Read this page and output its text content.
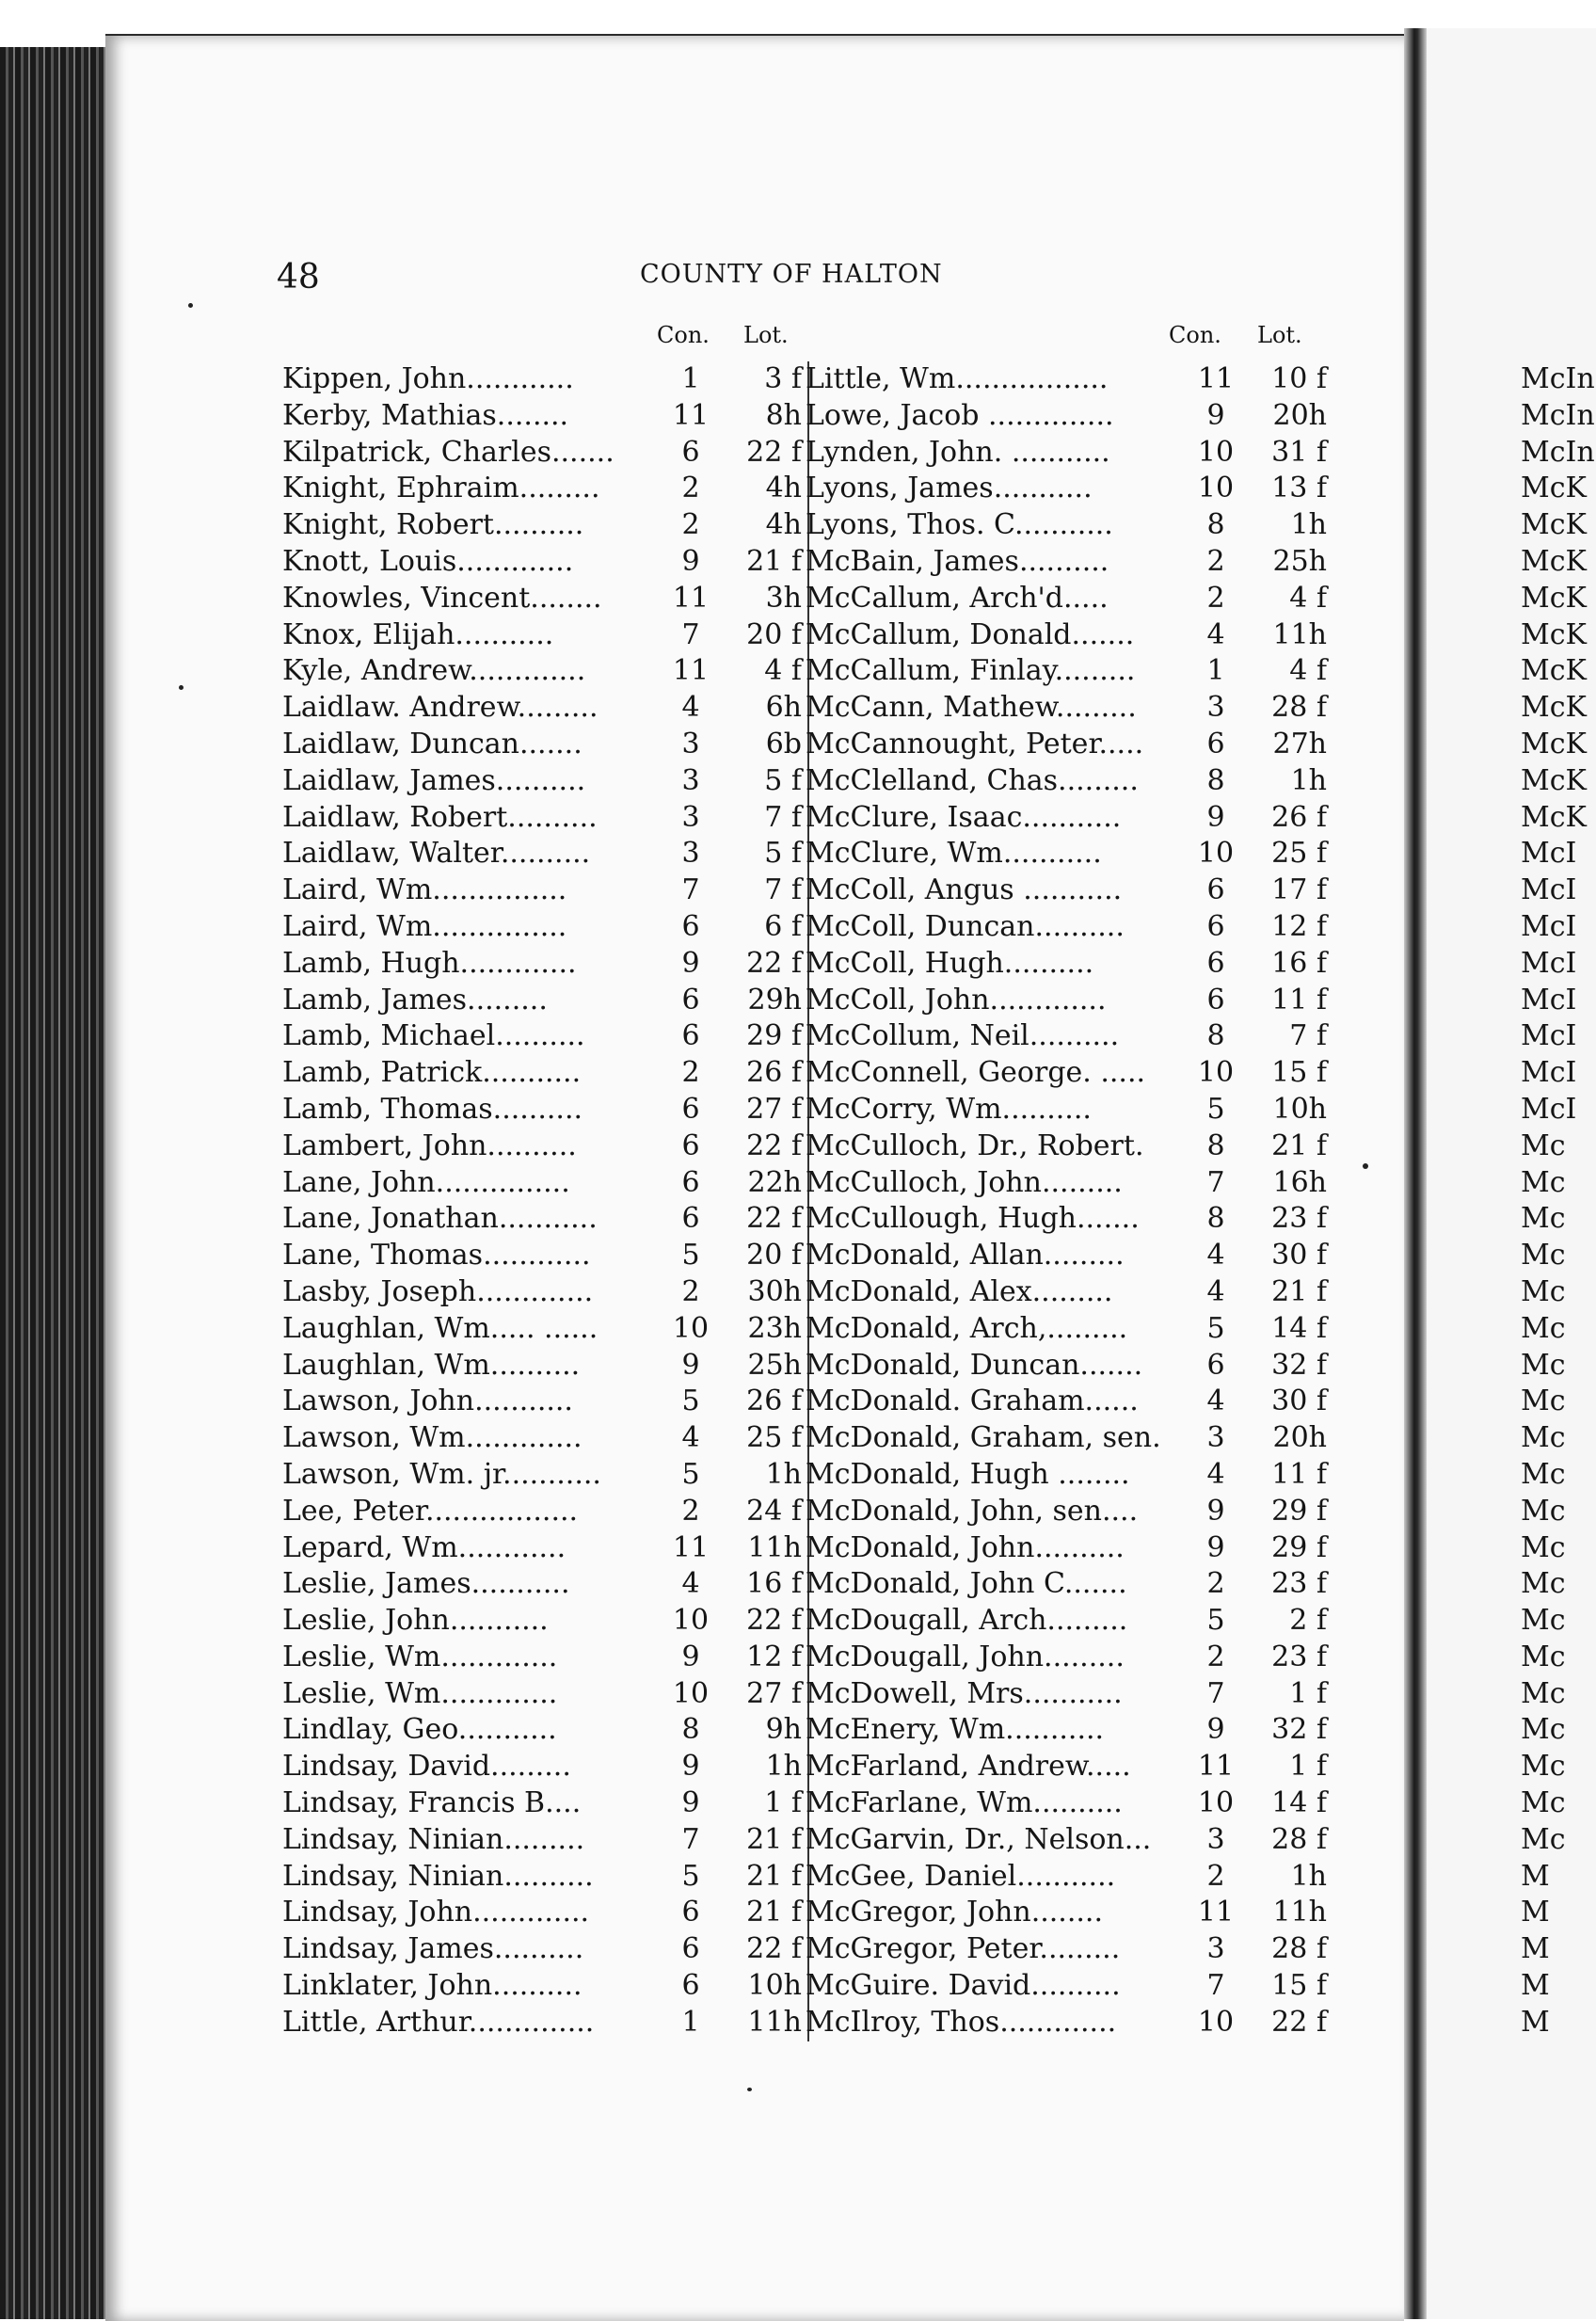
48	COUNTY OF HALTON
Con. Lot.	Con. Lot.
Kippen, John............	1	3 f
Kerby, Mathias........	11	8h
Kilpatrick, Charles.......	6	22 f
Knight, Ephraim.........	2	4h
Knight, Robert..........	2	4h
Knott, Louis.............	9	21 f
Knowles, Vincent........	11	3h
Knox, Elijah...........	7	20 f
Kyle, Andrew.............	11	4 f
Laidlaw. Andrew.........	4	6h
Laidlaw, Duncan.......	3	6b
Laidlaw, James..........	3	5 f
Laidlaw, Robert..........	3	7 f
Laidlaw, Walter..........	3	5 f
Laird, Wm...............	7	7 f
Laird, Wm...............	6	6 f
Lamb, Hugh.............	9	22 f
Lamb, James.........	6	29h
Lamb, Michael..........	6	29 f
Lamb, Patrick...........	2	26 f
Lamb, Thomas..........	6	27 f
Lambert, John..........	6	22 f
Lane, John...............	6	22h
Lane, Jonathan...........	6	22 f
Lane, Thomas............	5	20 f
Lasby, Joseph.............	2	30h
Laughlan, Wm..... ......	10	23h
Laughlan, Wm..........	9	25h
Lawson, John...........	5	26 f
Lawson, Wm.............	4	25 f
Lawson, Wm. jr...........	5	1h
Lee, Peter.................	2	24 f
Lepard, Wm............	11	11h
Leslie, James...........	4	16 f
Leslie, John...........	10	22 f
Leslie, Wm.............	9	12 f
Leslie, Wm.............	10	27 f
Lindlay, Geo...........	8	9h
Lindsay, David.........	9	1h
Lindsay, Francis B....	9	1 f
Lindsay, Ninian.........	7	21 f
Lindsay, Ninian..........	5	21 f
Lindsay, John.............	6	21 f
Lindsay, James..........	6	22 f
Linklater, John..........	6	10h
Little, Arthur..............	1	11h
Little, Wm.................	11	10 f
Lowe, Jacob ..............	9	20h
Lynden, John. ...........	10	31 f
Lyons, James...........	10	13 f
Lyons, Thos. C...........	8	1h
McBain, James..........	2	25h
McCallum, Arch'd.....	2	4 f
McCallum, Donald.......	4	11h
McCallum, Finlay.........	1	4 f
McCann, Mathew.........	3	28 f
McCannought, Peter.....	6	27h
McClelland, Chas.........	8	1h
McClure, Isaac...........	9	26 f
McClure, Wm...........	10	25 f
McColl, Angus ...........	6	17 f
McColl, Duncan..........	6	12 f
McColl, Hugh..........	6	16 f
McColl, John.............	6	11 f
McCollum, Neil..........	8	7 f
McConnell, George. .....	10	15 f
McCorry, Wm..........	5	10h
McCulloch, Dr., Robert.	8	21 f
McCulloch, John.........	7	16h
McCullough, Hugh.......	8	23 f
McDonald, Allan.........	4	30 f
McDonald, Alex.........	4	21 f
McDonald, Arch,.........	5	14 f
McDonald, Duncan.......	6	32 f
McDonald. Graham......	4	30 f
McDonald, Graham, sen.	3	20h
McDonald, Hugh ........	4	11 f
McDonald, John, sen....	9	29 f
McDonald, John..........	9	29 f
McDonald, John C.......	2	23 f
McDougall, Arch.........	5	2 f
McDougall, John.........	2	23 f
McDowell, Mrs...........	7	1 f
McEnery, Wm...........	9	32 f
McFarland, Andrew.....	11	1 f
McFarlane, Wm..........	10	14 f
McGarvin, Dr., Nelson...	3	28 f
McGee, Daniel...........	2	1h
McGregor, John........	11	11h
McGregor, Peter.........	3	28 f
McGuire. David..........	7	15 f
McIlroy, Thos.............	10	22 f
McIn
McIn
McIn
McK
McK
McK
McK
McK
McK
McK
McK
McK
McK
McI
McI
McI
McI
McI
McI
McI
McI
Mc
Mc
Mc
Mc
Mc
Mc
Mc
Mc
Mc
Mc
Mc
Mc
Mc
Mc
Mc
Mc
Mc
Mc
Mc
Mc
M
M
M
M
M
